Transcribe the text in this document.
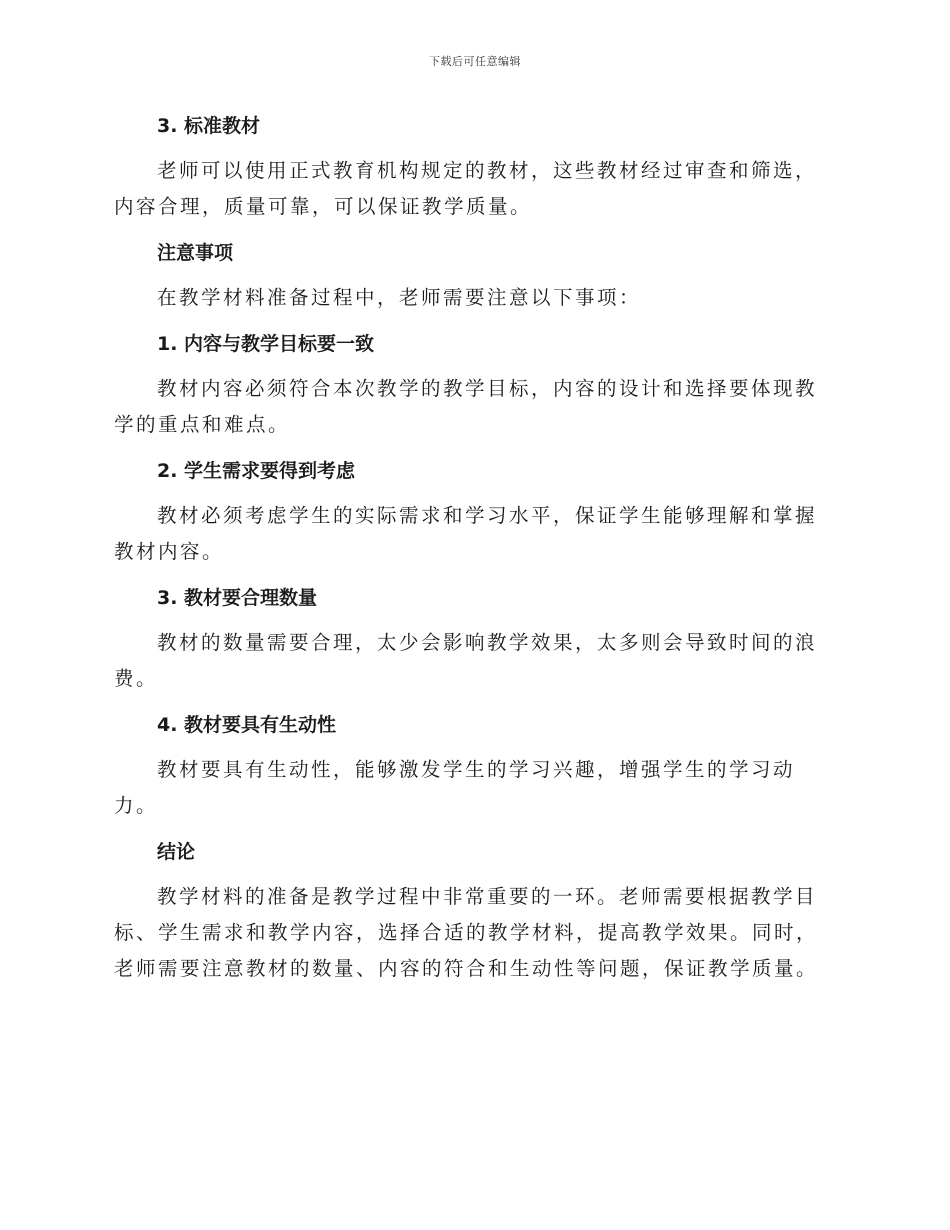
下载后可任意编辑
3. 标准教材

老师可以使用正式教育机构规定的教材，这些教材经过审查和筛选，内容合理，质量可靠，可以保证教学质量。

注意事项

在教学材料准备过程中，老师需要注意以下事项：

1. 内容与教学目标要一致

教材内容必须符合本次教学的教学目标，内容的设计和选择要体现教学的重点和难点。

2. 学生需求要得到考虑

教材必须考虑学生的实际需求和学习水平，保证学生能够理解和掌握教材内容。

3. 教材要合理数量

教材的数量需要合理，太少会影响教学效果，太多则会导致时间的浪费。

4. 教材要具有生动性

教材要具有生动性，能够激发学生的学习兴趣，增强学生的学习动力。

结论

教学材料的准备是教学过程中非常重要的一环。老师需要根据教学目标、学生需求和教学内容，选择合适的教学材料，提高教学效果。同时，老师需要注意教材的数量、内容的符合和生动性等问题，保证教学质量。
